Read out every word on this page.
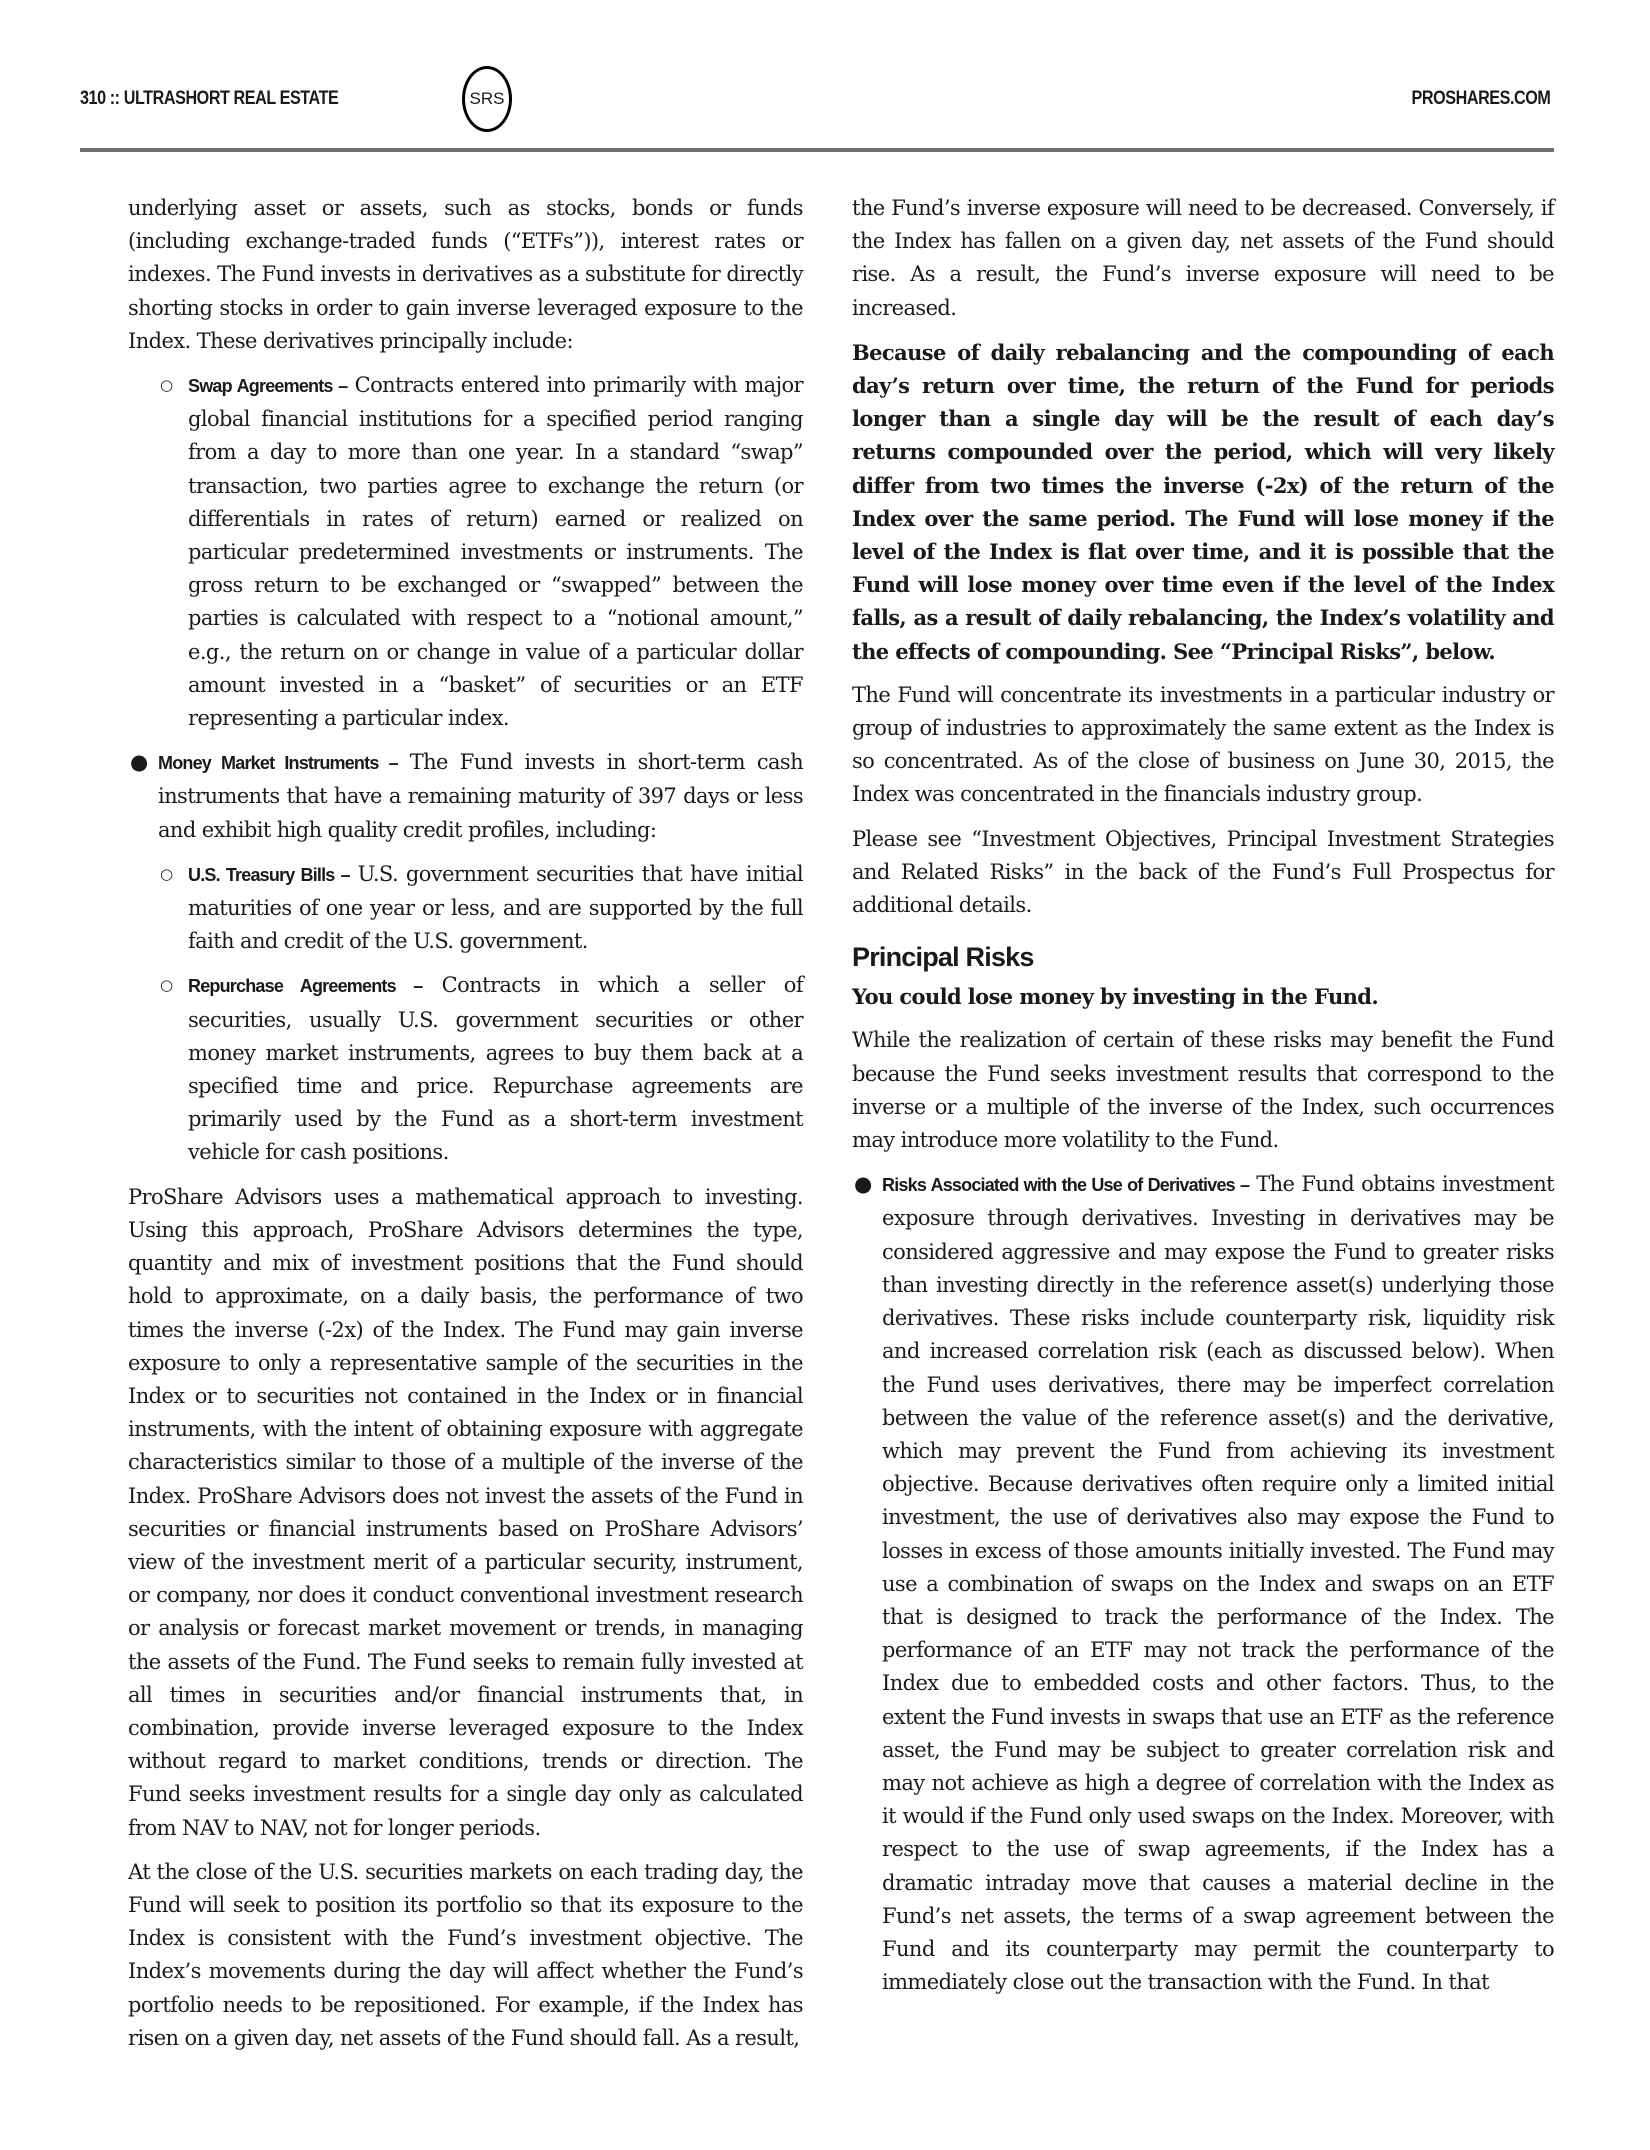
310 :: ULTRASHORT REAL ESTATE	SRS	PROSHARES.COM

underlying asset or assets, such as stocks, bonds or funds (including exchange-traded funds (“ETFs”)), interest rates or indexes. The Fund invests in derivatives as a substitute for directly shorting stocks in order to gain inverse leveraged exposure to the Index. These derivatives principally include:

○ Swap Agreements – Contracts entered into primarily with major global financial institutions for a specified period ranging from a day to more than one year. In a standard “swap” transaction, two parties agree to exchange the return (or differentials in rates of return) earned or realized on particular predetermined investments or instruments. The gross return to be exchanged or “swapped” between the parties is calculated with respect to a “notional amount,” e.g., the return on or change in value of a particular dollar amount invested in a “basket” of securities or an ETF representing a particular index.
● Money Market Instruments – The Fund invests in short-term cash instruments that have a remaining maturity of 397 days or less and exhibit high quality credit profiles, including:
○ U.S. Treasury Bills – U.S. government securities that have initial maturities of one year or less, and are supported by the full faith and credit of the U.S. government.
○ Repurchase Agreements – Contracts in which a seller of securities, usually U.S. government securities or other money market instruments, agrees to buy them back at a specified time and price. Repurchase agreements are primarily used by the Fund as a short-term investment vehicle for cash positions.

ProShare Advisors uses a mathematical approach to investing. Using this approach, ProShare Advisors determines the type, quantity and mix of investment positions that the Fund should hold to approximate, on a daily basis, the performance of two times the inverse (-2x) of the Index. The Fund may gain inverse exposure to only a representative sample of the securities in the Index or to securities not contained in the Index or in financial instruments, with the intent of obtaining exposure with aggregate characteristics similar to those of a multiple of the inverse of the Index. ProShare Advisors does not invest the assets of the Fund in securities or financial instruments based on ProShare Advisors’ view of the investment merit of a particular security, instrument, or company, nor does it conduct conventional investment research or analysis or forecast market movement or trends, in managing the assets of the Fund. The Fund seeks to remain fully invested at all times in securities and/or financial instruments that, in combination, provide inverse leveraged exposure to the Index without regard to market conditions, trends or direction. The Fund seeks investment results for a single day only as calculated from NAV to NAV, not for longer periods.

At the close of the U.S. securities markets on each trading day, the Fund will seek to position its portfolio so that its exposure to the Index is consistent with the Fund’s investment objective. The Index’s movements during the day will affect whether the Fund’s portfolio needs to be repositioned. For example, if the Index has risen on a given day, net assets of the Fund should fall. As a result,

the Fund’s inverse exposure will need to be decreased. Conversely, if the Index has fallen on a given day, net assets of the Fund should rise. As a result, the Fund’s inverse exposure will need to be increased.

Because of daily rebalancing and the compounding of each day’s return over time, the return of the Fund for periods longer than a single day will be the result of each day’s returns compounded over the period, which will very likely differ from two times the inverse (-2x) of the return of the Index over the same period. The Fund will lose money if the level of the Index is flat over time, and it is possible that the Fund will lose money over time even if the level of the Index falls, as a result of daily rebalancing, the Index’s volatility and the effects of compounding. See “Principal Risks”, below.

The Fund will concentrate its investments in a particular industry or group of industries to approximately the same extent as the Index is so concentrated. As of the close of business on June 30, 2015, the Index was concentrated in the financials industry group.

Please see “Investment Objectives, Principal Investment Strategies and Related Risks” in the back of the Fund’s Full Prospectus for additional details.

Principal Risks

You could lose money by investing in the Fund.

While the realization of certain of these risks may benefit the Fund because the Fund seeks investment results that correspond to the inverse or a multiple of the inverse of the Index, such occurrences may introduce more volatility to the Fund.

● Risks Associated with the Use of Derivatives – The Fund obtains investment exposure through derivatives. Investing in derivatives may be considered aggressive and may expose the Fund to greater risks than investing directly in the reference asset(s) underlying those derivatives. These risks include counterparty risk, liquidity risk and increased correlation risk (each as discussed below). When the Fund uses derivatives, there may be imperfect correlation between the value of the reference asset(s) and the derivative, which may prevent the Fund from achieving its investment objective. Because derivatives often require only a limited initial investment, the use of derivatives also may expose the Fund to losses in excess of those amounts initially invested. The Fund may use a combination of swaps on the Index and swaps on an ETF that is designed to track the performance of the Index. The performance of an ETF may not track the performance of the Index due to embedded costs and other factors. Thus, to the extent the Fund invests in swaps that use an ETF as the reference asset, the Fund may be subject to greater correlation risk and may not achieve as high a degree of correlation with the Index as it would if the Fund only used swaps on the Index. Moreover, with respect to the use of swap agreements, if the Index has a dramatic intraday move that causes a material decline in the Fund’s net assets, the terms of a swap agreement between the Fund and its counterparty may permit the counterparty to immediately close out the transaction with the Fund. In that
